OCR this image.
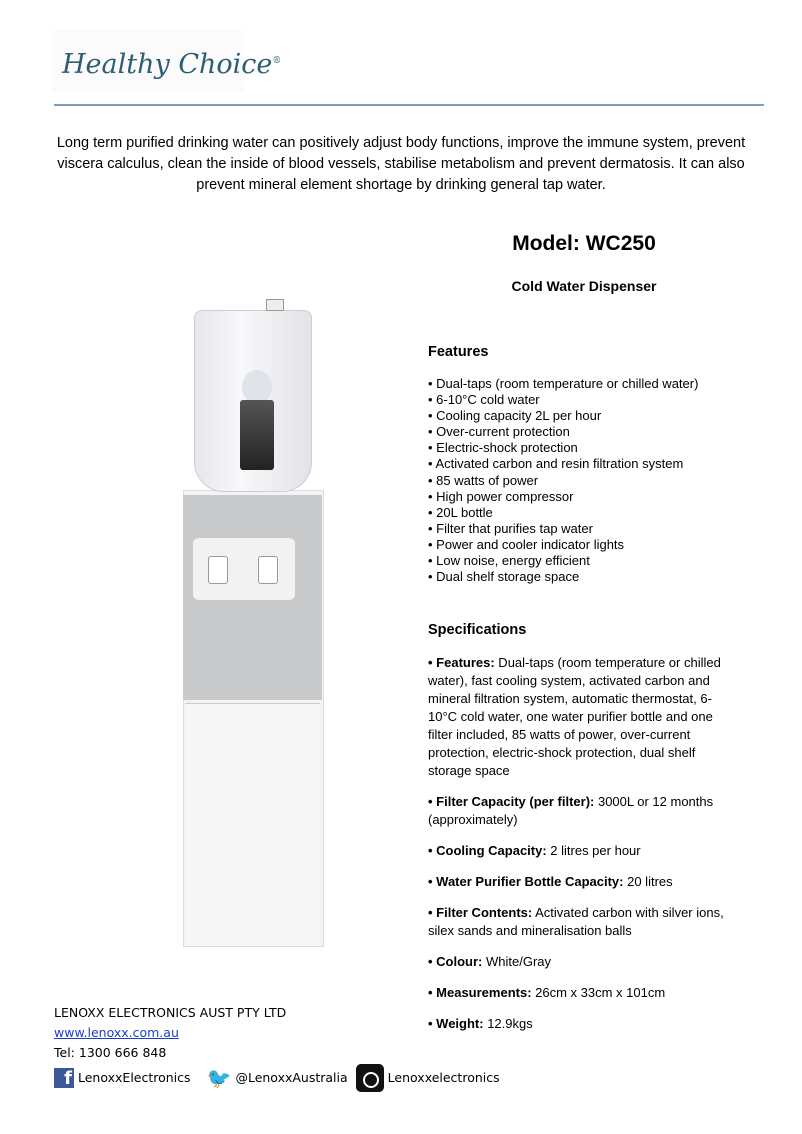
Healthy Choice®
Long term purified drinking water can positively adjust body functions, improve the immune system, prevent viscera calculus, clean the inside of blood vessels, stabilise metabolism and prevent dermatosis. It can also prevent mineral element shortage by drinking general tap water.
Model: WC250
Cold Water Dispenser
Features
• Dual-taps (room temperature or chilled water)
• 6-10°C cold water
• Cooling capacity 2L per hour
• Over-current protection
• Electric-shock protection
• Activated carbon and resin filtration system
• 85 watts of power
• High power compressor
• 20L bottle
• Filter that purifies tap water
• Power and cooler indicator lights
• Low noise, energy efficient
• Dual shelf storage space
Specifications

• Features: Dual-taps (room temperature or chilled water), fast cooling system, activated carbon and mineral filtration system, automatic thermostat, 6-10°C cold water, one water purifier bottle and one filter included, 85 watts of power, over-current protection, electric-shock protection, dual shelf storage space

• Filter Capacity (per filter): 3000L or 12 months (approximately)

• Cooling Capacity: 2 litres per hour

• Water Purifier Bottle Capacity: 20 litres

• Filter Contents: Activated carbon with silver ions, silex sands and mineralisation balls

• Colour: White/Gray

• Measurements: 26cm x 33cm x 101cm

• Weight: 12.9kgs

LENOXX ELECTRONICS AUST PTY LTD
www.lenoxx.com.au
Tel: 1300 666 848
f LenoxxElectronics 🐦 @LenoxxAustralia	Lenoxxelectronics
